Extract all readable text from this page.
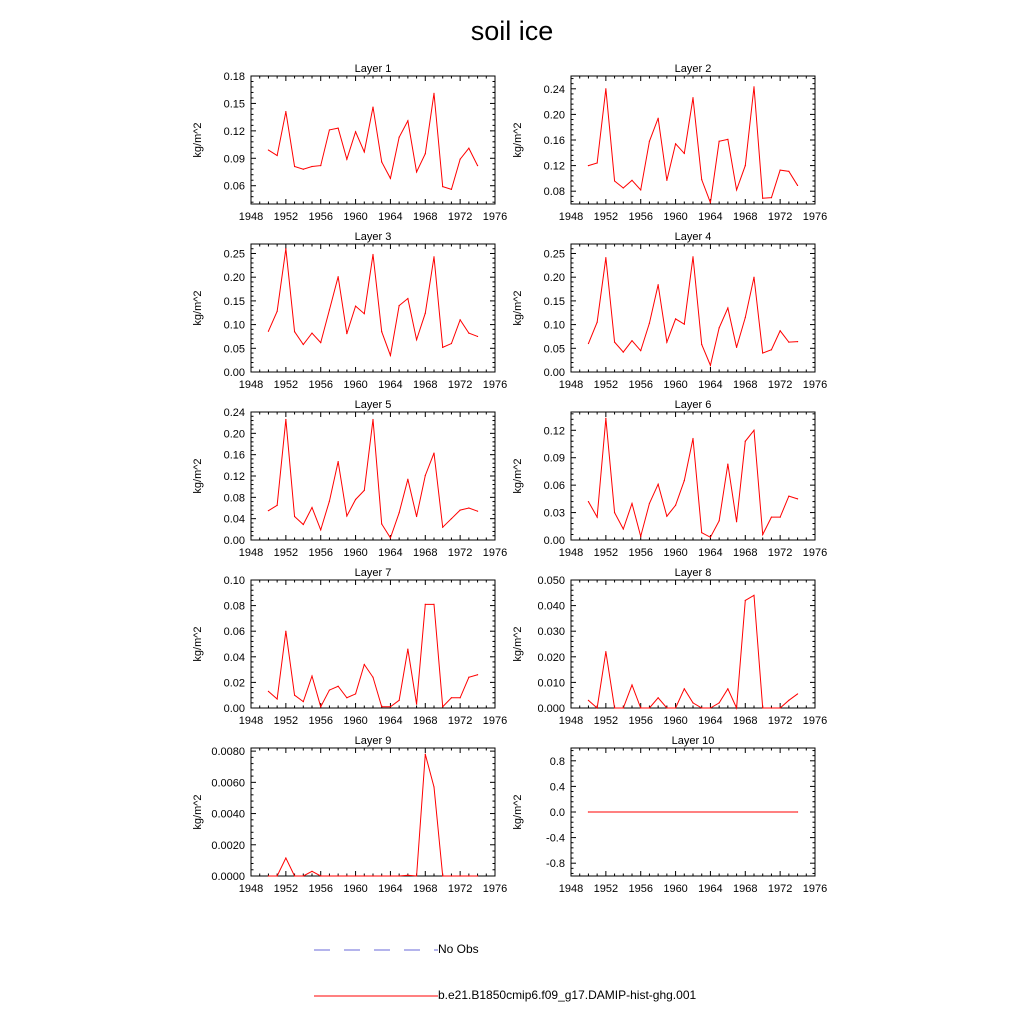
soil ice
Layer 1
kg/m^2
1948 1952 1956 1960 1964 1968 1972 1976
0.06
0.09
0.12
0.15
0.18
Layer 2
kg/m^2
1948 1952 1956 1960 1964 1968 1972 1976
0.08
0.12
0.16
0.20
0.24
Layer 3
kg/m^2
1948 1952 1956 1960 1964 1968 1972 1976
0.00
0.05
0.10
0.15
0.20
0.25
Layer 4
kg/m^2
1948 1952 1956 1960 1964 1968 1972 1976
0.00
0.05
0.10
0.15
0.20
0.25
Layer 5
kg/m^2
1948 1952 1956 1960 1964 1968 1972 1976
0.00
0.04
0.08
0.12
0.16
0.20
0.24
Layer 6
kg/m^2
1948 1952 1956 1960 1964 1968 1972 1976
0.00
0.03
0.06
0.09
0.12
Layer 7
kg/m^2
1948 1952 1956 1960 1964 1968 1972 1976
0.00
0.02
0.04
0.06
0.08
0.10
Layer 8
kg/m^2
1948 1952 1956 1960 1964 1968 1972 1976
0.000
0.010
0.020
0.030
0.040
0.050
Layer 9
kg/m^2
1948 1952 1956 1960 1964 1968 1972 1976
0.0000
0.0020
0.0040
0.0060
0.0080
Layer 10
kg/m^2
1948 1952 1956 1960 1964 1968 1972 1976
-0.8
-0.4
0.0
0.4
0.8
No Obs
b.e21.B1850cmip6.f09_g17.DAMIP-hist-ghg.001
